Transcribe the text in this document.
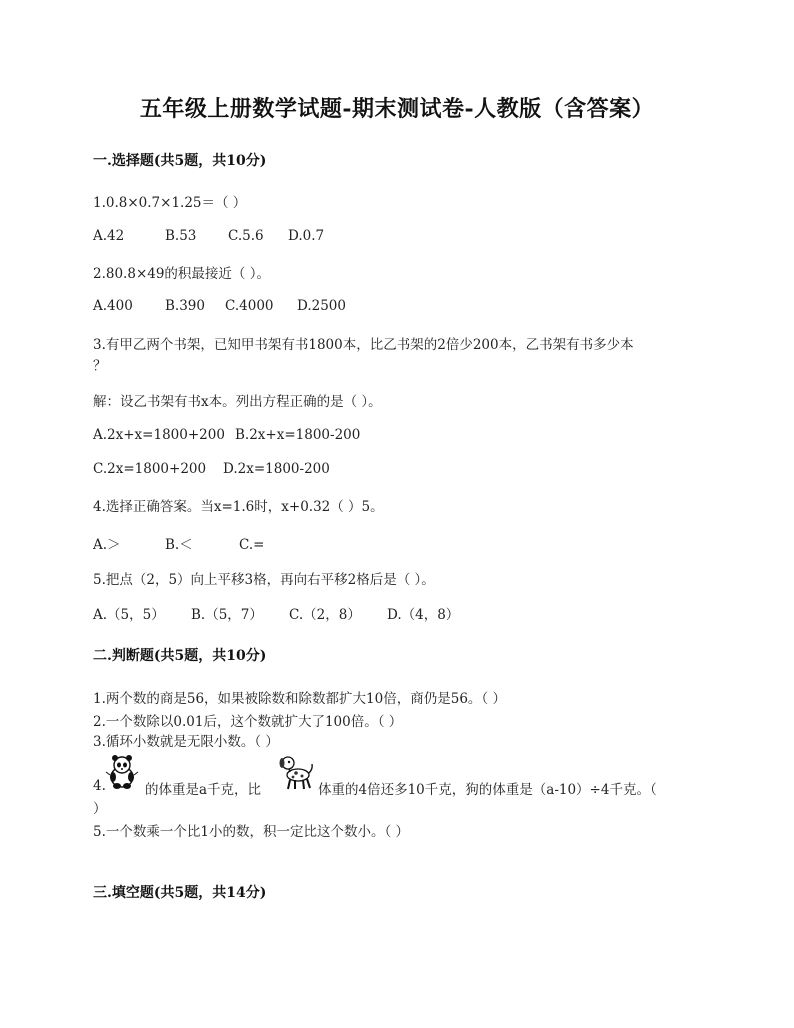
五年级上册数学试题-期末测试卷-人教版（含答案）
一.选择题(共5题，共10分)
1.0.8×0.7×1.25＝（ ）
A.42	B.53 C.5.6 D.0.7
2.80.8×49的积最接近（ ）。
A.400 B.390 C.4000 D.2500
3.有甲乙两个书架，已知甲书架有书1800本，比乙书架的2倍少200本，乙书架有书多少本
？
解：设乙书架有书x本。列出方程正确的是（ ）。
A.2x+x=1800+200 B.2x+x=1800-200
C.2x=1800+200 D.2x=1800-200
4.选择正确答案。当x=1.6时，x+0.32（ ）5。
A.＞	B.＜	C.=
5.把点（2，5）向上平移3格，再向右平移2格后是（ ）。
A.（5，5） B.（5，7） C.（2，8） D.（4，8）
二.判断题(共5题，共10分)
1.两个数的商是56，如果被除数和除数都扩大10倍，商仍是56。（ ）
2.一个数除以0.01后，这个数就扩大了100倍。（ ）
3.循环小数就是无限小数。（ ）
4.	的体重是a千克，比	体重的4倍还多10千克，狗的体重是（a-10）÷4千克。（
）
5.一个数乘一个比1小的数，积一定比这个数小。（ ）
三.填空题(共5题，共14分)
